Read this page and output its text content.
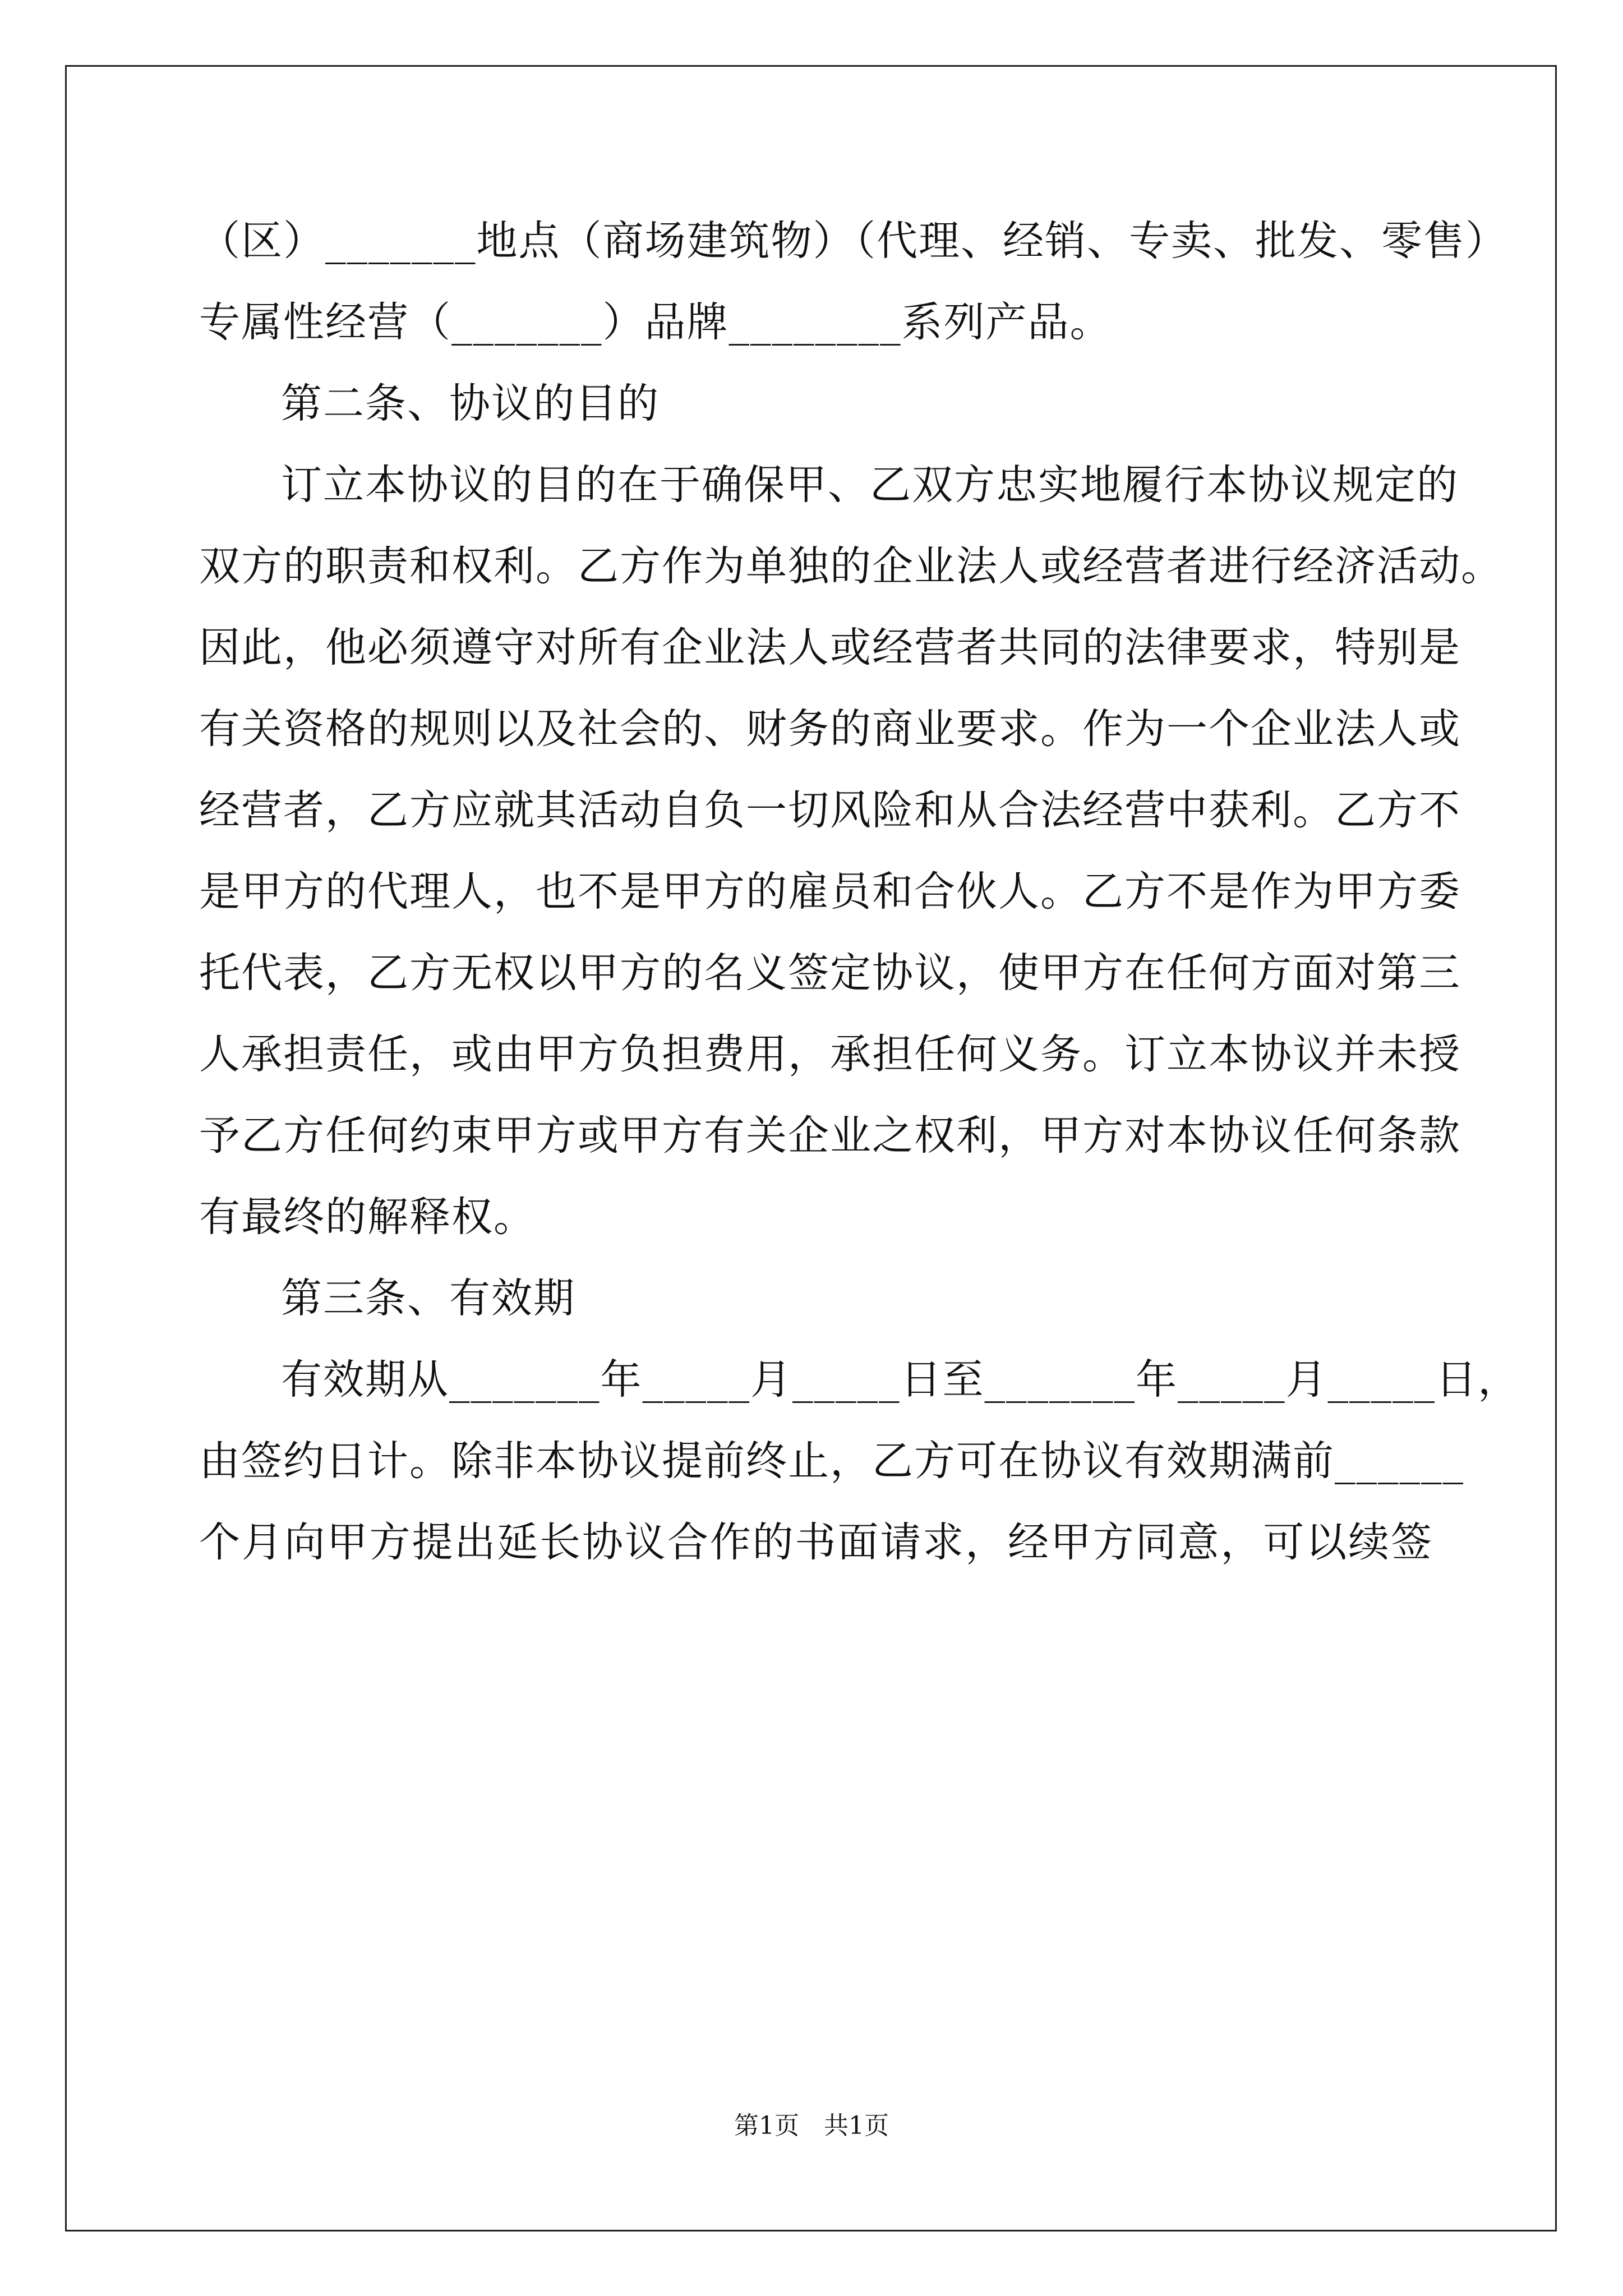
（区）_______地点（商场建筑物）（代理、经销、专卖、批发、零售）
专属性经营（_______）品牌________系列产品。
第二条、协议的目的
订立本协议的目的在于确保甲、乙双方忠实地履行本协议规定的
双方的职责和权利。乙方作为单独的企业法人或经营者进行经济活动。
因此，他必须遵守对所有企业法人或经营者共同的法律要求，特别是
有关资格的规则以及社会的、财务的商业要求。作为一个企业法人或
经营者，乙方应就其活动自负一切风险和从合法经营中获利。乙方不
是甲方的代理人，也不是甲方的雇员和合伙人。乙方不是作为甲方委
托代表，乙方无权以甲方的名义签定协议，使甲方在任何方面对第三
人承担责任，或由甲方负担费用，承担任何义务。订立本协议并未授
予乙方任何约束甲方或甲方有关企业之权利，甲方对本协议任何条款
有最终的解释权。
第三条、有效期
有效期从_______年_____月_____日至_______年_____月_____日，
由签约日计。除非本协议提前终止，乙方可在协议有效期满前______
个月向甲方提出延长协议合作的书面请求，经甲方同意，可以续签
第1页　共1页
